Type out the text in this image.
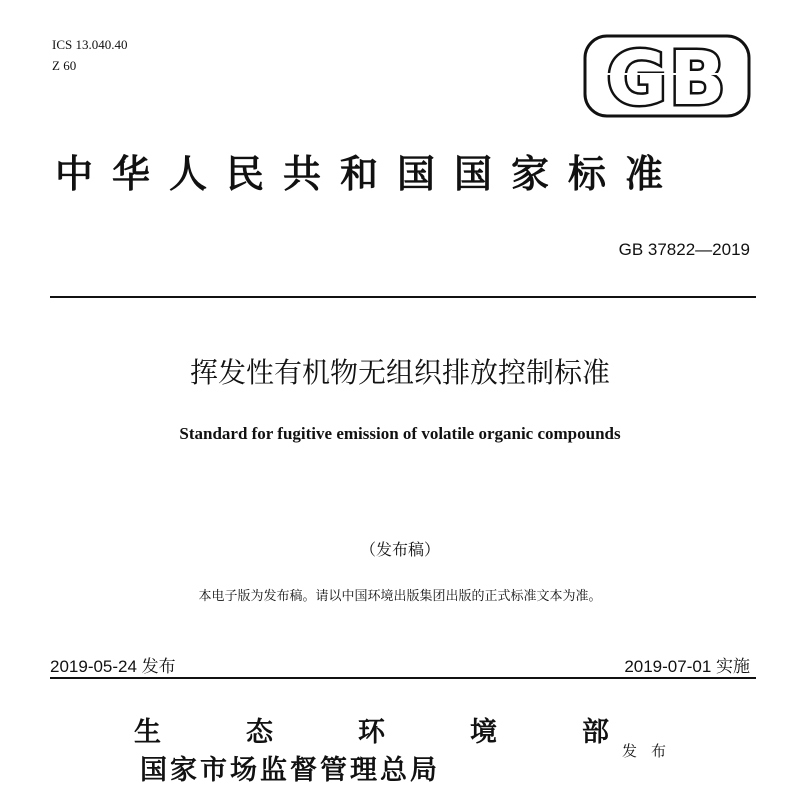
ICS 13.040.40
Z 60	GB
中华人民共和国国家标准
GB 37822—2019
挥发性有机物无组织排放控制标准
Standard for fugitive emission of volatile organic compounds
（发布稿）
本电子版为发布稿。请以中国环境出版集团出版的正式标准文本为准。
2019-05-24 发布	2019-07-01 实施
生	态	环	境	部
国家市场监督管理总局
发布
